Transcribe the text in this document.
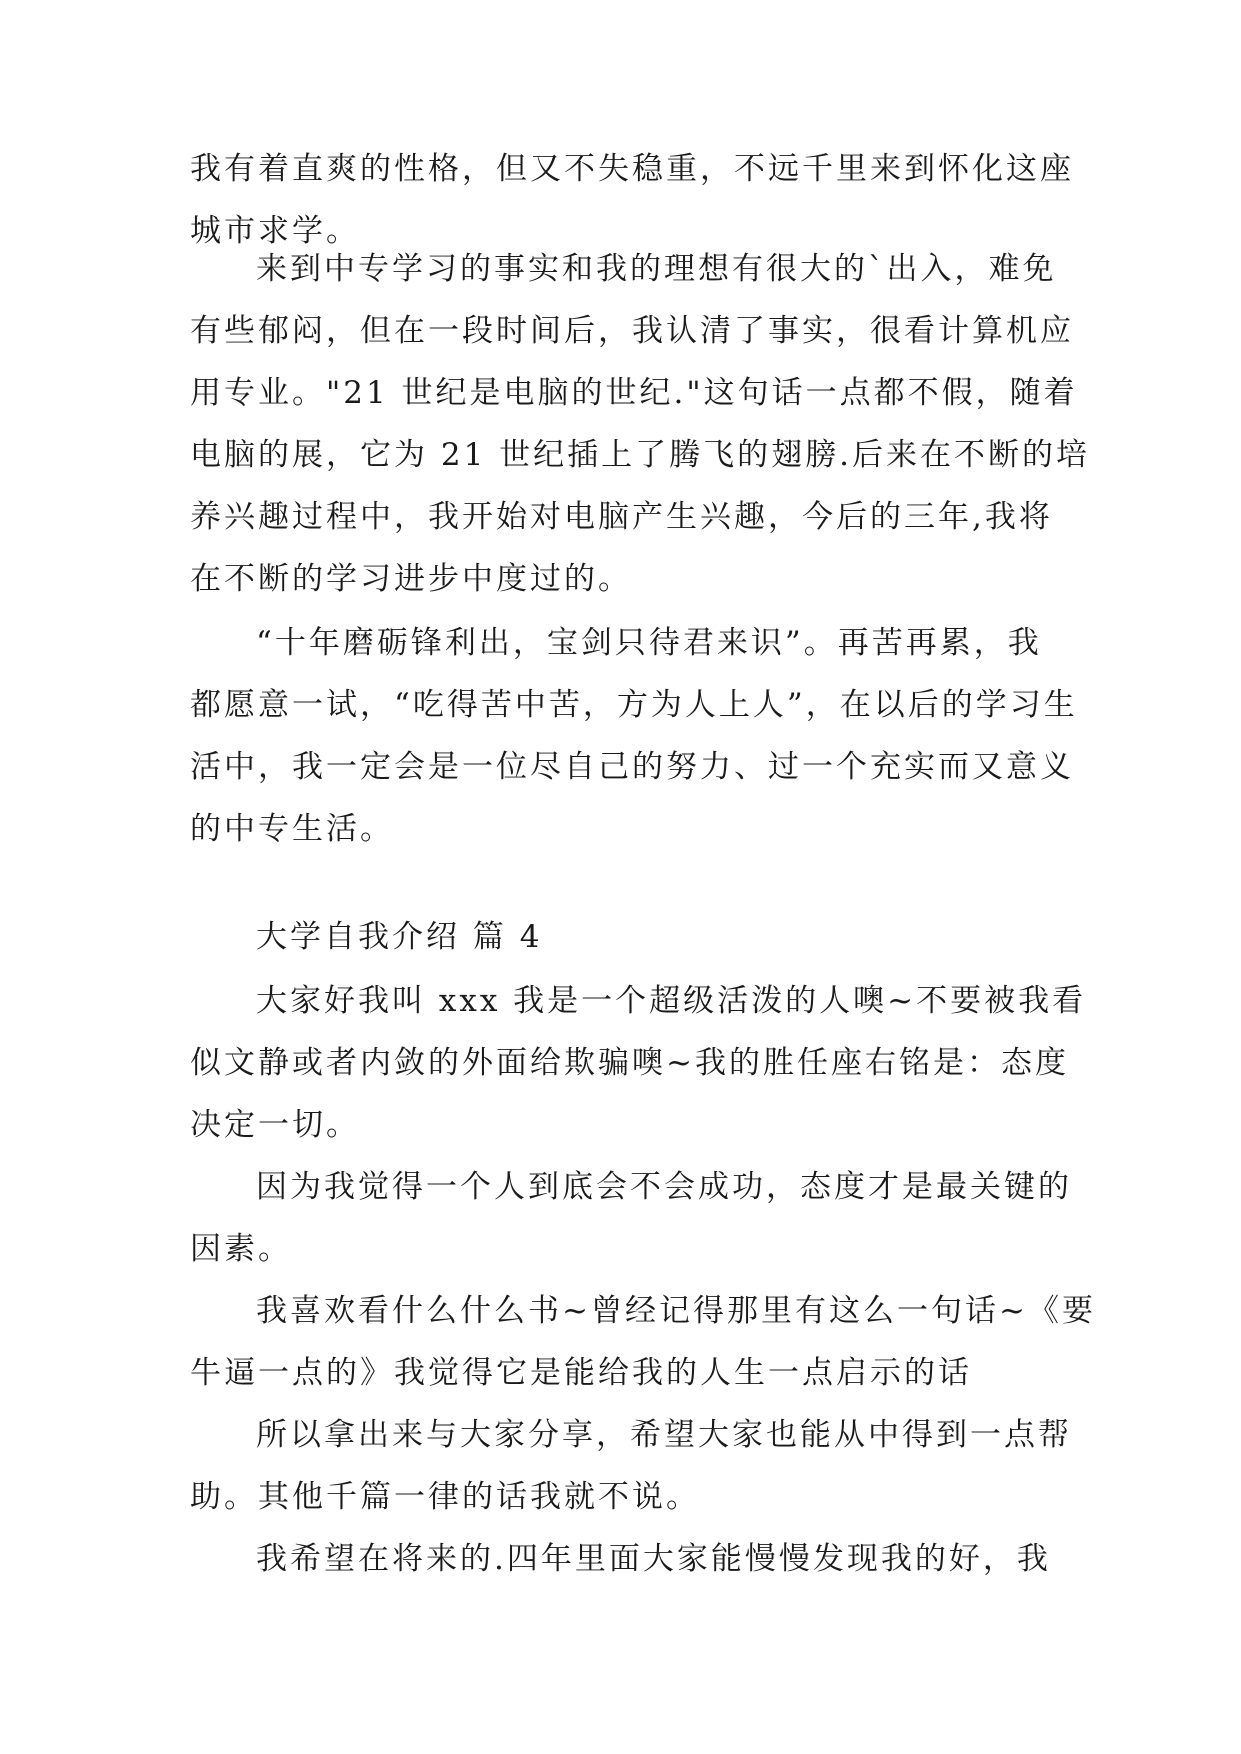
我有着直爽的性格，但又不失稳重，不远千里来到怀化这座
城市求学。
来到中专学习的事实和我的理想有很大的`出入，难免
有些郁闷，但在一段时间后，我认清了事实，很看计算机应
用专业。"21 世纪是电脑的世纪."这句话一点都不假，随着
电脑的展，它为 21 世纪插上了腾飞的翅膀.后来在不断的培
养兴趣过程中，我开始对电脑产生兴趣，今后的三年,我将
在不断的学习进步中度过的。
“十年磨砺锋利出，宝剑只待君来识”。再苦再累，我
都愿意一试，“吃得苦中苦，方为人上人”，在以后的学习生
活中，我一定会是一位尽自己的努力、过一个充实而又意义
的中专生活。
大学自我介绍 篇 4
大家好我叫 xxx 我是一个超级活泼的人噢~不要被我看
似文静或者内敛的外面给欺骗噢~我的胜任座右铭是：态度
决定一切。
因为我觉得一个人到底会不会成功，态度才是最关键的
因素。
我喜欢看什么什么书~曾经记得那里有这么一句话~《要
牛逼一点的》我觉得它是能给我的人生一点启示的话
所以拿出来与大家分享，希望大家也能从中得到一点帮
助。其他千篇一律的话我就不说。
我希望在将来的.四年里面大家能慢慢发现我的好，我
